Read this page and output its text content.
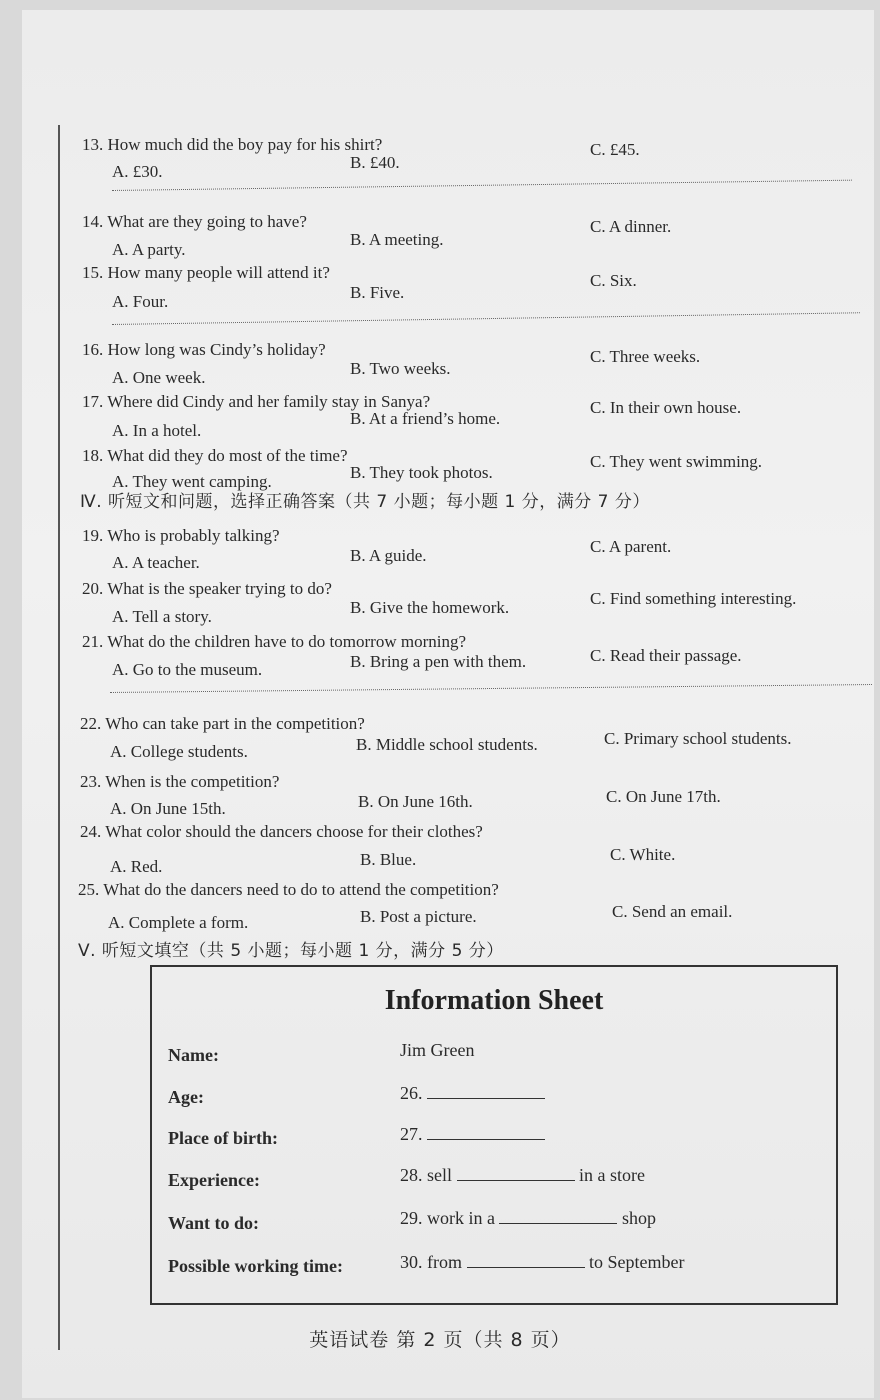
13. How much did the boy pay for his shirt?
A. £30.	B. £40.
C. £45.
14. What are they going to have?
A. A party.
B. A meeting.
C. A dinner.
15. How many people will attend it?
A. Four.	B. Five.
C. Six.
16. How long was Cindy’s holiday?
A. One week.	B. Two weeks.
C. Three weeks.
17. Where did Cindy and her family stay in Sanya?
A. In a hotel.
B. At a friend’s home.
C. In their own house.
18. What did they do most of the time?
A. They went camping.	B. They took photos.
C. They went swimming.
Ⅳ. 听短文和问题，选择正确答案（共 7 小题；每小题 1 分，满分 7 分）
19. Who is probably talking?
A. A teacher.	B. A guide.	C. A parent.
20. What is the speaker trying to do?
A. Tell a story.	B. Give the homework.	C. Find something interesting.
21. What do the children have to do tomorrow morning?
A. Go to the museum.	B. Bring a pen with them.	C. Read their passage.
22. Who can take part in the competition?
A. College students.	B. Middle school students.	C. Primary school students.
23. When is the competition?
A. On June 15th.	B. On June 16th.	C. On June 17th.
24. What color should the dancers choose for their clothes?
A. Red.	B. Blue.	C. White.
25. What do the dancers need to do to attend the competition?
A. Complete a form.	B. Post a picture.	C. Send an email.
Ⅴ. 听短文填空（共 5 小题；每小题 1 分，满分 5 分）
Information Sheet
Name:	Jim Green
Age:	26.
Place of birth:	27.
Experience:	28. sell	in a store
Want to do:	29. work in a	shop
Possible working time:	30. from	to September
英语试卷 第 2 页（共 8 页）
